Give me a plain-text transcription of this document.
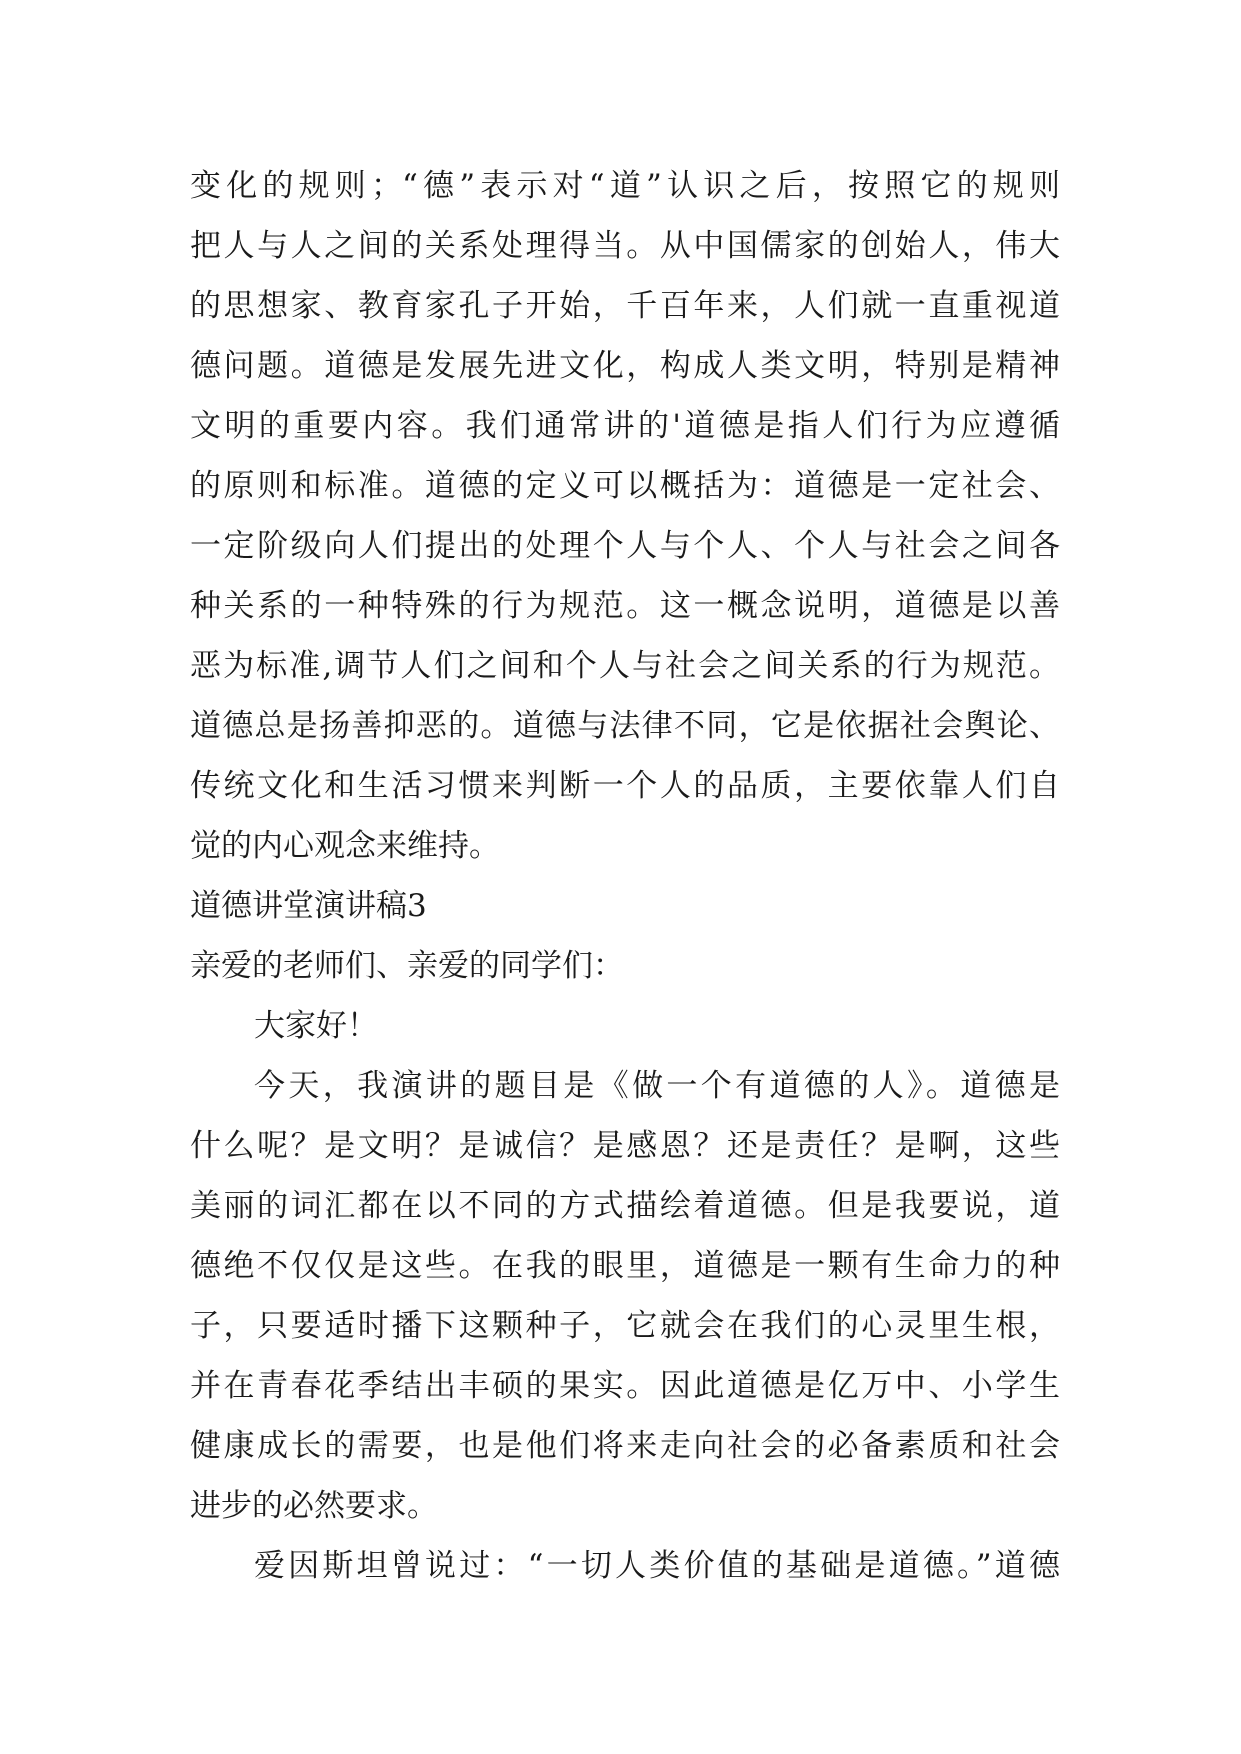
变化的规则；“德”表示对“道”认识之后，按照它的规则
把人与人之间的关系处理得当。从中国儒家的创始人，伟大
的思想家、教育家孔子开始，千百年来，人们就一直重视道
德问题。道德是发展先进文化，构成人类文明，特别是精神
文明的重要内容。我们通常讲的'道德是指人们行为应遵循
的原则和标准。道德的定义可以概括为：道德是一定社会、
一定阶级向人们提出的处理个人与个人、个人与社会之间各
种关系的一种特殊的行为规范。这一概念说明，道德是以善
恶为标准,调节人们之间和个人与社会之间关系的行为规范。
道德总是扬善抑恶的。道德与法律不同，它是依据社会舆论、
传统文化和生活习惯来判断一个人的品质，主要依靠人们自
觉的内心观念来维持。
道德讲堂演讲稿3
亲爱的老师们、亲爱的同学们：
大家好！
今天，我演讲的题目是《做一个有道德的人》。道德是
什么呢？是文明？是诚信？是感恩？还是责任？是啊，这些
美丽的词汇都在以不同的方式描绘着道德。但是我要说，道
德绝不仅仅是这些。在我的眼里，道德是一颗有生命力的种
子，只要适时播下这颗种子，它就会在我们的心灵里生根，
并在青春花季结出丰硕的果实。因此道德是亿万中、小学生
健康成长的需要，也是他们将来走向社会的必备素质和社会
进步的必然要求。
爱因斯坦曾说过：“一切人类价值的基础是道德。”道德
